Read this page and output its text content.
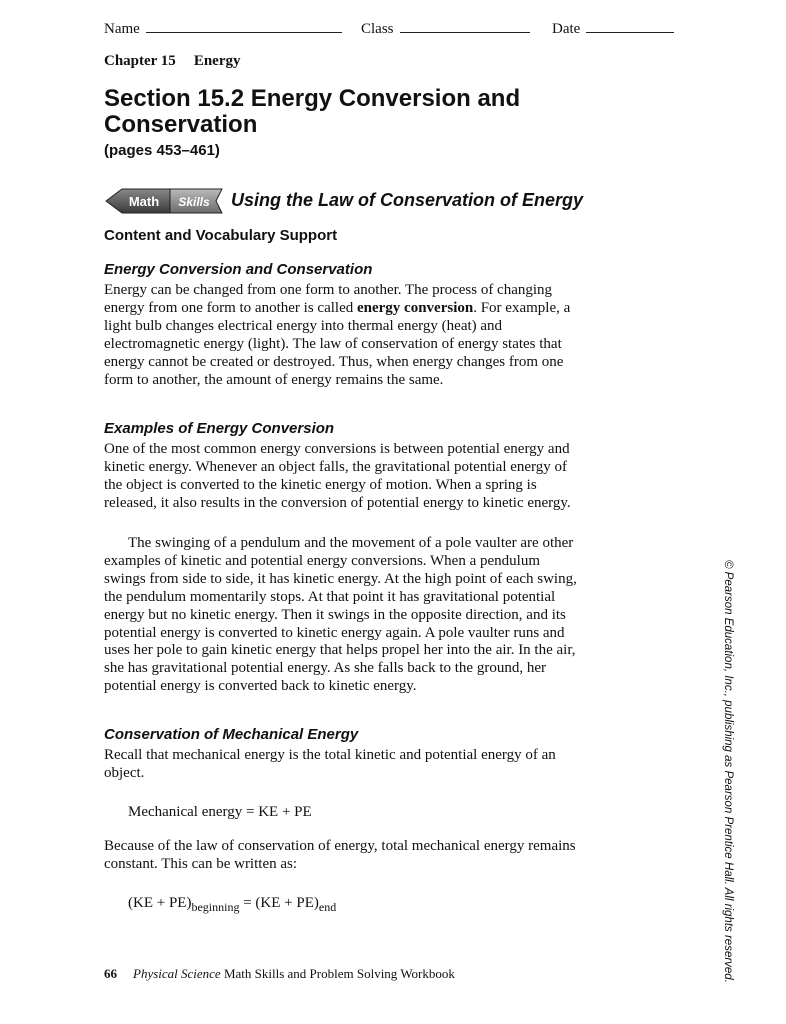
Name	Class	Date
Chapter 15 Energy
Section 15.2 Energy Conversion and Conservation
(pages 453–461)
Math Skills Using the Law of Conservation of Energy
Content and Vocabulary Support
Energy Conversion and Conservation

Energy can be changed from one form to another. The process of changing energy from one form to another is called energy conversion. For example, a light bulb changes electrical energy into thermal energy (heat) and electromagnetic energy (light). The law of conservation of energy states that energy cannot be created or destroyed. Thus, when energy changes from one form to another, the amount of energy remains the same.

Examples of Energy Conversion

One of the most common energy conversions is between potential energy and kinetic energy. Whenever an object falls, the gravitational potential energy of the object is converted to the kinetic energy of motion. When a spring is released, it also results in the conversion of potential energy to kinetic energy.

The swinging of a pendulum and the movement of a pole vaulter are other examples of kinetic and potential energy conversions. When a pendulum swings from side to side, it has kinetic energy. At the high point of each swing, the pendulum momentarily stops. At that point it has gravitational potential energy but no kinetic energy. Then it swings in the opposite direction, and its potential energy is converted to kinetic energy again. A pole vaulter runs and uses her pole to gain kinetic energy that helps propel her into the air. In the air, she has gravitational potential energy. As she falls back to the ground, her potential energy is converted back to kinetic energy.

Conservation of Mechanical Energy

Recall that mechanical energy is the total kinetic and potential energy of an object.

Mechanical energy = KE + PE

Because of the law of conservation of energy, total mechanical energy remains constant. This can be written as:

$(KE + PE)_{beginning} = (KE + PE)_{end}$	© Pearson Education, Inc., publishing as Pearson Prentice Hall. All rights reserved.
66 Physical Science Math Skills and Problem Solving Workbook
